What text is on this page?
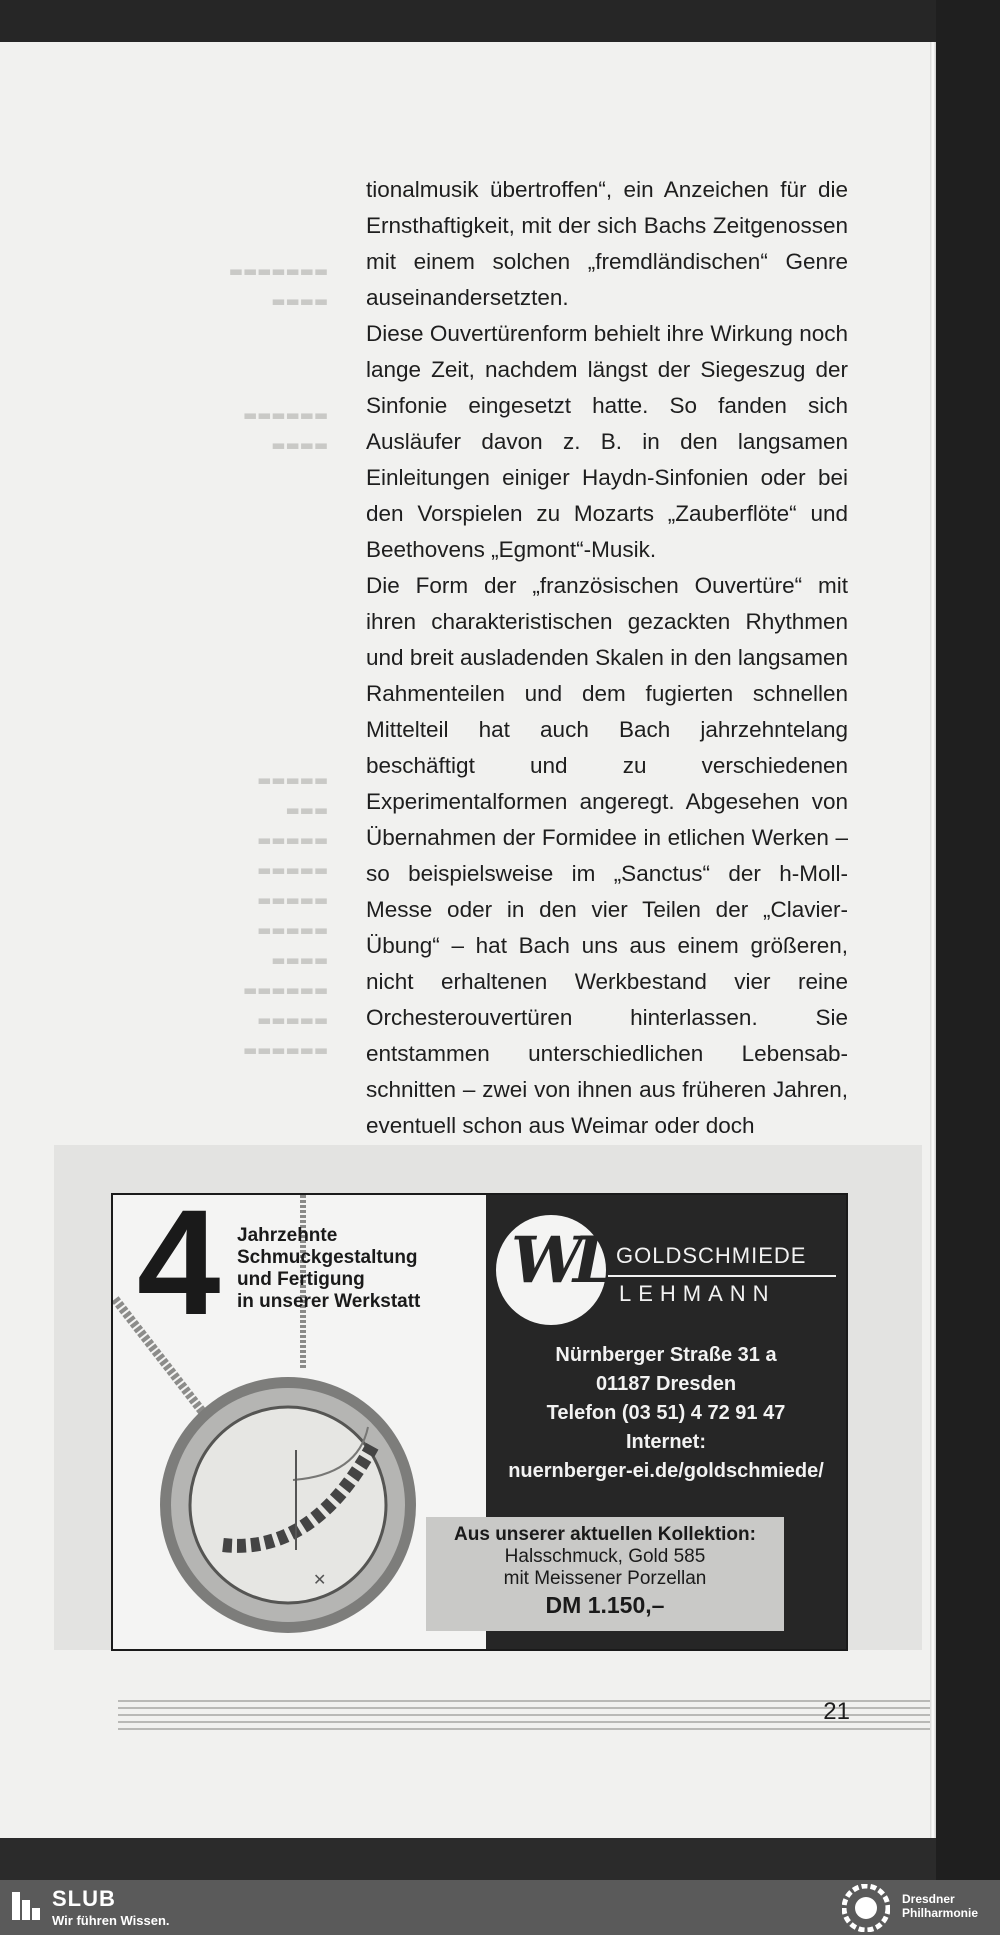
▬▬▬▬▬▬▬
▬▬▬▬
▬▬▬▬▬▬
▬▬▬▬
▬▬▬▬▬
▬▬▬
▬▬▬▬▬
▬▬▬▬▬
▬▬▬▬▬
▬▬▬▬▬
▬▬▬▬
▬▬▬▬▬▬
▬▬▬▬▬
▬▬▬▬▬▬

tionalmusik übertroffen“, ein Anzeichen für die Ernsthaftigkeit, mit der sich Bachs Zeitgenossen mit einem solchen „fremdländischen“ Genre auseinandersetzten.

Diese Ouvertürenform behielt ihre Wirkung noch lange Zeit, nachdem längst der Siegeszug der Sinfonie eingesetzt hatte. So fanden sich Ausläufer davon z. B. in den langsamen Einleitungen einiger Haydn-Sinfonien oder bei den Vorspielen zu Mozarts „Zauberflöte“ und Beethovens „Egmont“-Musik.

Die Form der „französischen Ouvertüre“ mit ihren charakteristischen gezackten Rhythmen und breit ausladenden Skalen in den langsamen Rahmenteilen und dem fugierten schnellen Mittelteil hat auch Bach jahrzehntelang beschäftigt und zu verschiedenen Experimentalformen angeregt. Abgesehen von Übernahmen der Formidee in etlichen Werken – so beispielsweise im „Sanctus“ der h-Moll-Messe oder in den vier Teilen der „Clavier-Übung“ – hat Bach uns aus einem größeren, nicht erhaltenen Werkbestand vier reine Orchesterouvertüren hinterlassen. Sie entstammen unterschiedlichen Lebensabschnitten – zwei von ihnen aus früheren Jahren, eventuell schon aus Weimar oder doch

✕
4 Jahrzehnte
Schmuckgestaltung
und Fertigung
in unserer Werkstatt
WL GOLDSCHMIEDE
LEHMANN
Nürnberger Straße 31 a
01187 Dresden
Telefon (03 51) 4 72 91 47
Internet:
nuernberger-ei.de/goldschmiede/
Aus unserer aktuellen Kollektion:
Halsschmuck, Gold 585
mit Meissener Porzellan
DM 1.150,–
21
SLUB
Wir führen Wissen.
Dresdner
Philharmonie
